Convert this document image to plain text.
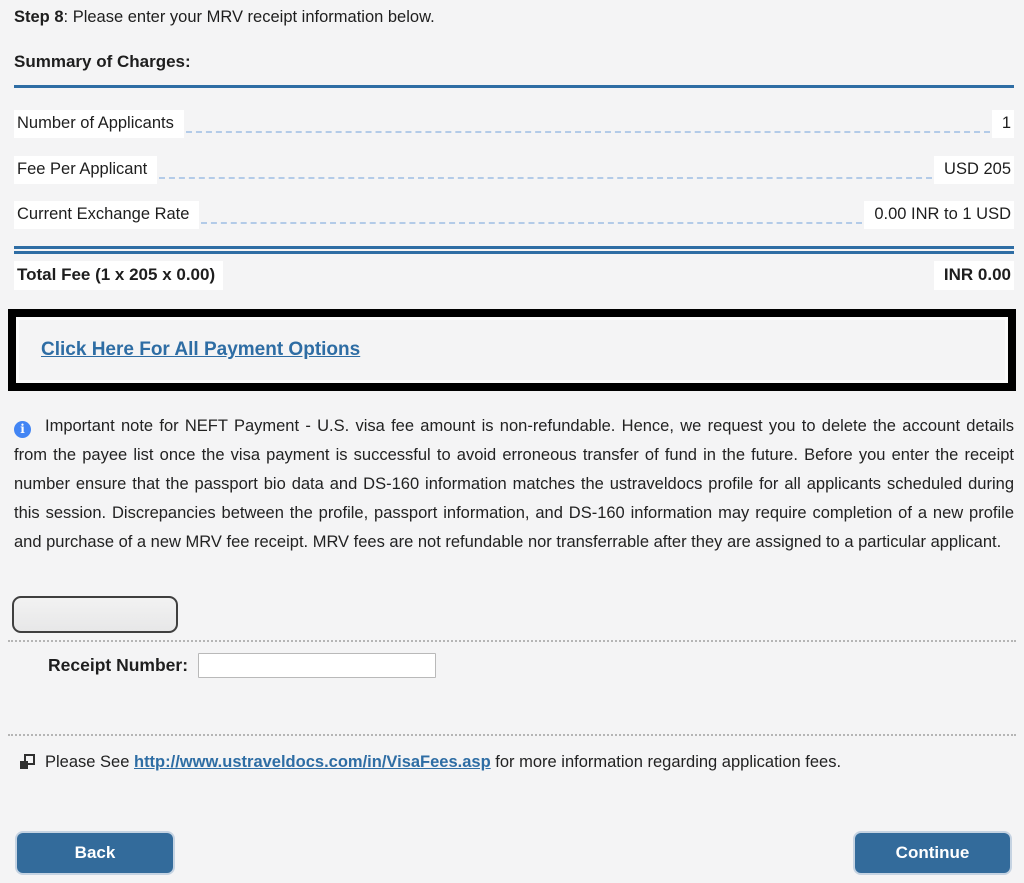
Step 8: Please enter your MRV receipt information below.
Summary of Charges:
Number of Applicants	1
Fee Per Applicant	USD 205
Current Exchange Rate	0.00 INR to 1 USD
Total Fee (1 x 205 x 0.00)	INR 0.00
Click Here For All Payment Options
i Important note for NEFT Payment - U.S. visa fee amount is non-refundable. Hence, we request you to delete the account details from the payee list once the visa payment is successful to avoid erroneous transfer of fund in the future. Before you enter the receipt number ensure that the passport bio data and DS-160 information matches the ustraveldocs profile for all applicants scheduled during this session. Discrepancies between the profile, passport information, and DS-160 information may require completion of a new profile and purchase of a new MRV fee receipt. MRV fees are not refundable nor transferrable after they are assigned to a particular applicant.
Receipt Number:
Please See http://www.ustraveldocs.com/in/VisaFees.asp for more information regarding application fees.
Back	Continue
